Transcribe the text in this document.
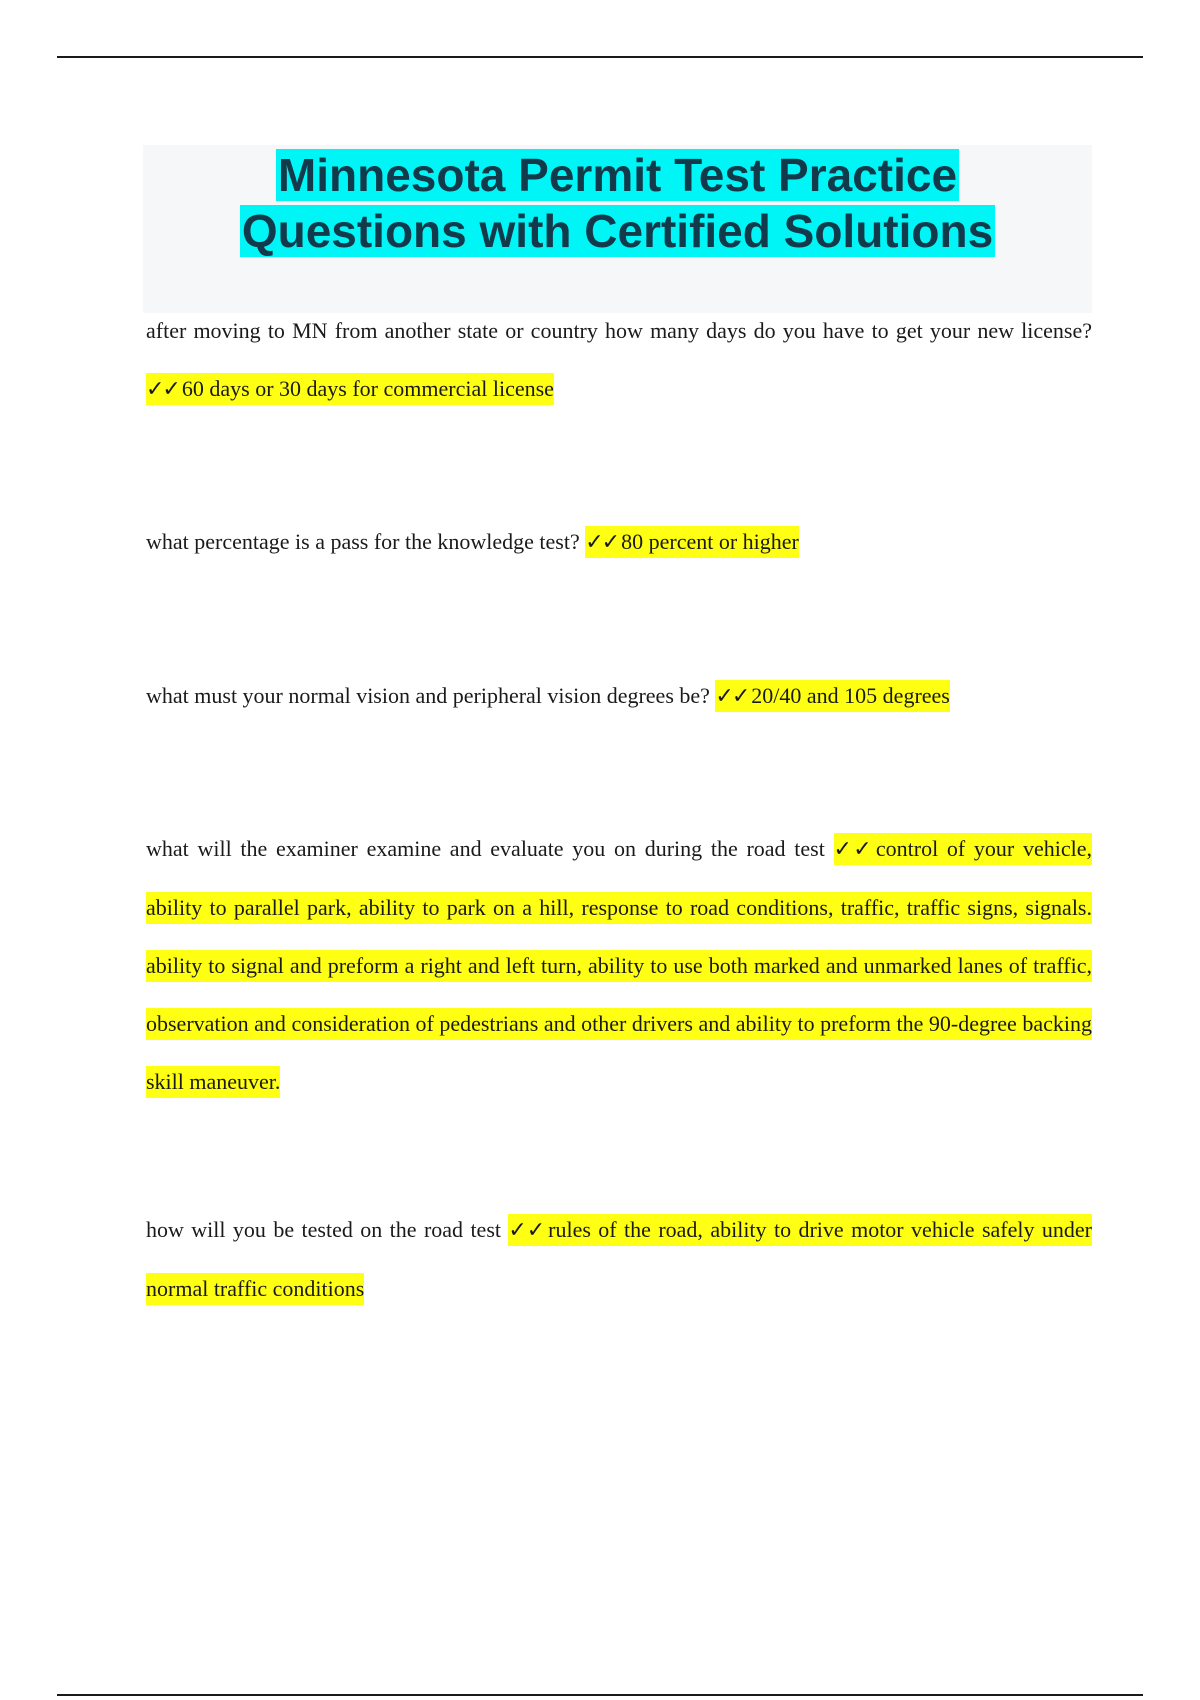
Minnesota Permit Test Practice
Questions with Certified Solutions

after moving to MN from another state or country how many days do you have to get your new license? ✓✓ 60 days or 30 days for commercial license

what percentage is a pass for the knowledge test? ✓✓ 80 percent or higher

what must your normal vision and peripheral vision degrees be? ✓✓ 20/40 and 105 degrees

what will the examiner examine and evaluate you on during the road test ✓✓ control of your vehicle, ability to parallel park, ability to park on a hill, response to road conditions, traffic, traffic signs, signals. ability to signal and preform a right and left turn, ability to use both marked and unmarked lanes of traffic, observation and consideration of pedestrians and other drivers and ability to preform the 90-degree backing skill maneuver.

how will you be tested on the road test ✓✓ rules of the road, ability to drive motor vehicle safely under normal traffic conditions
